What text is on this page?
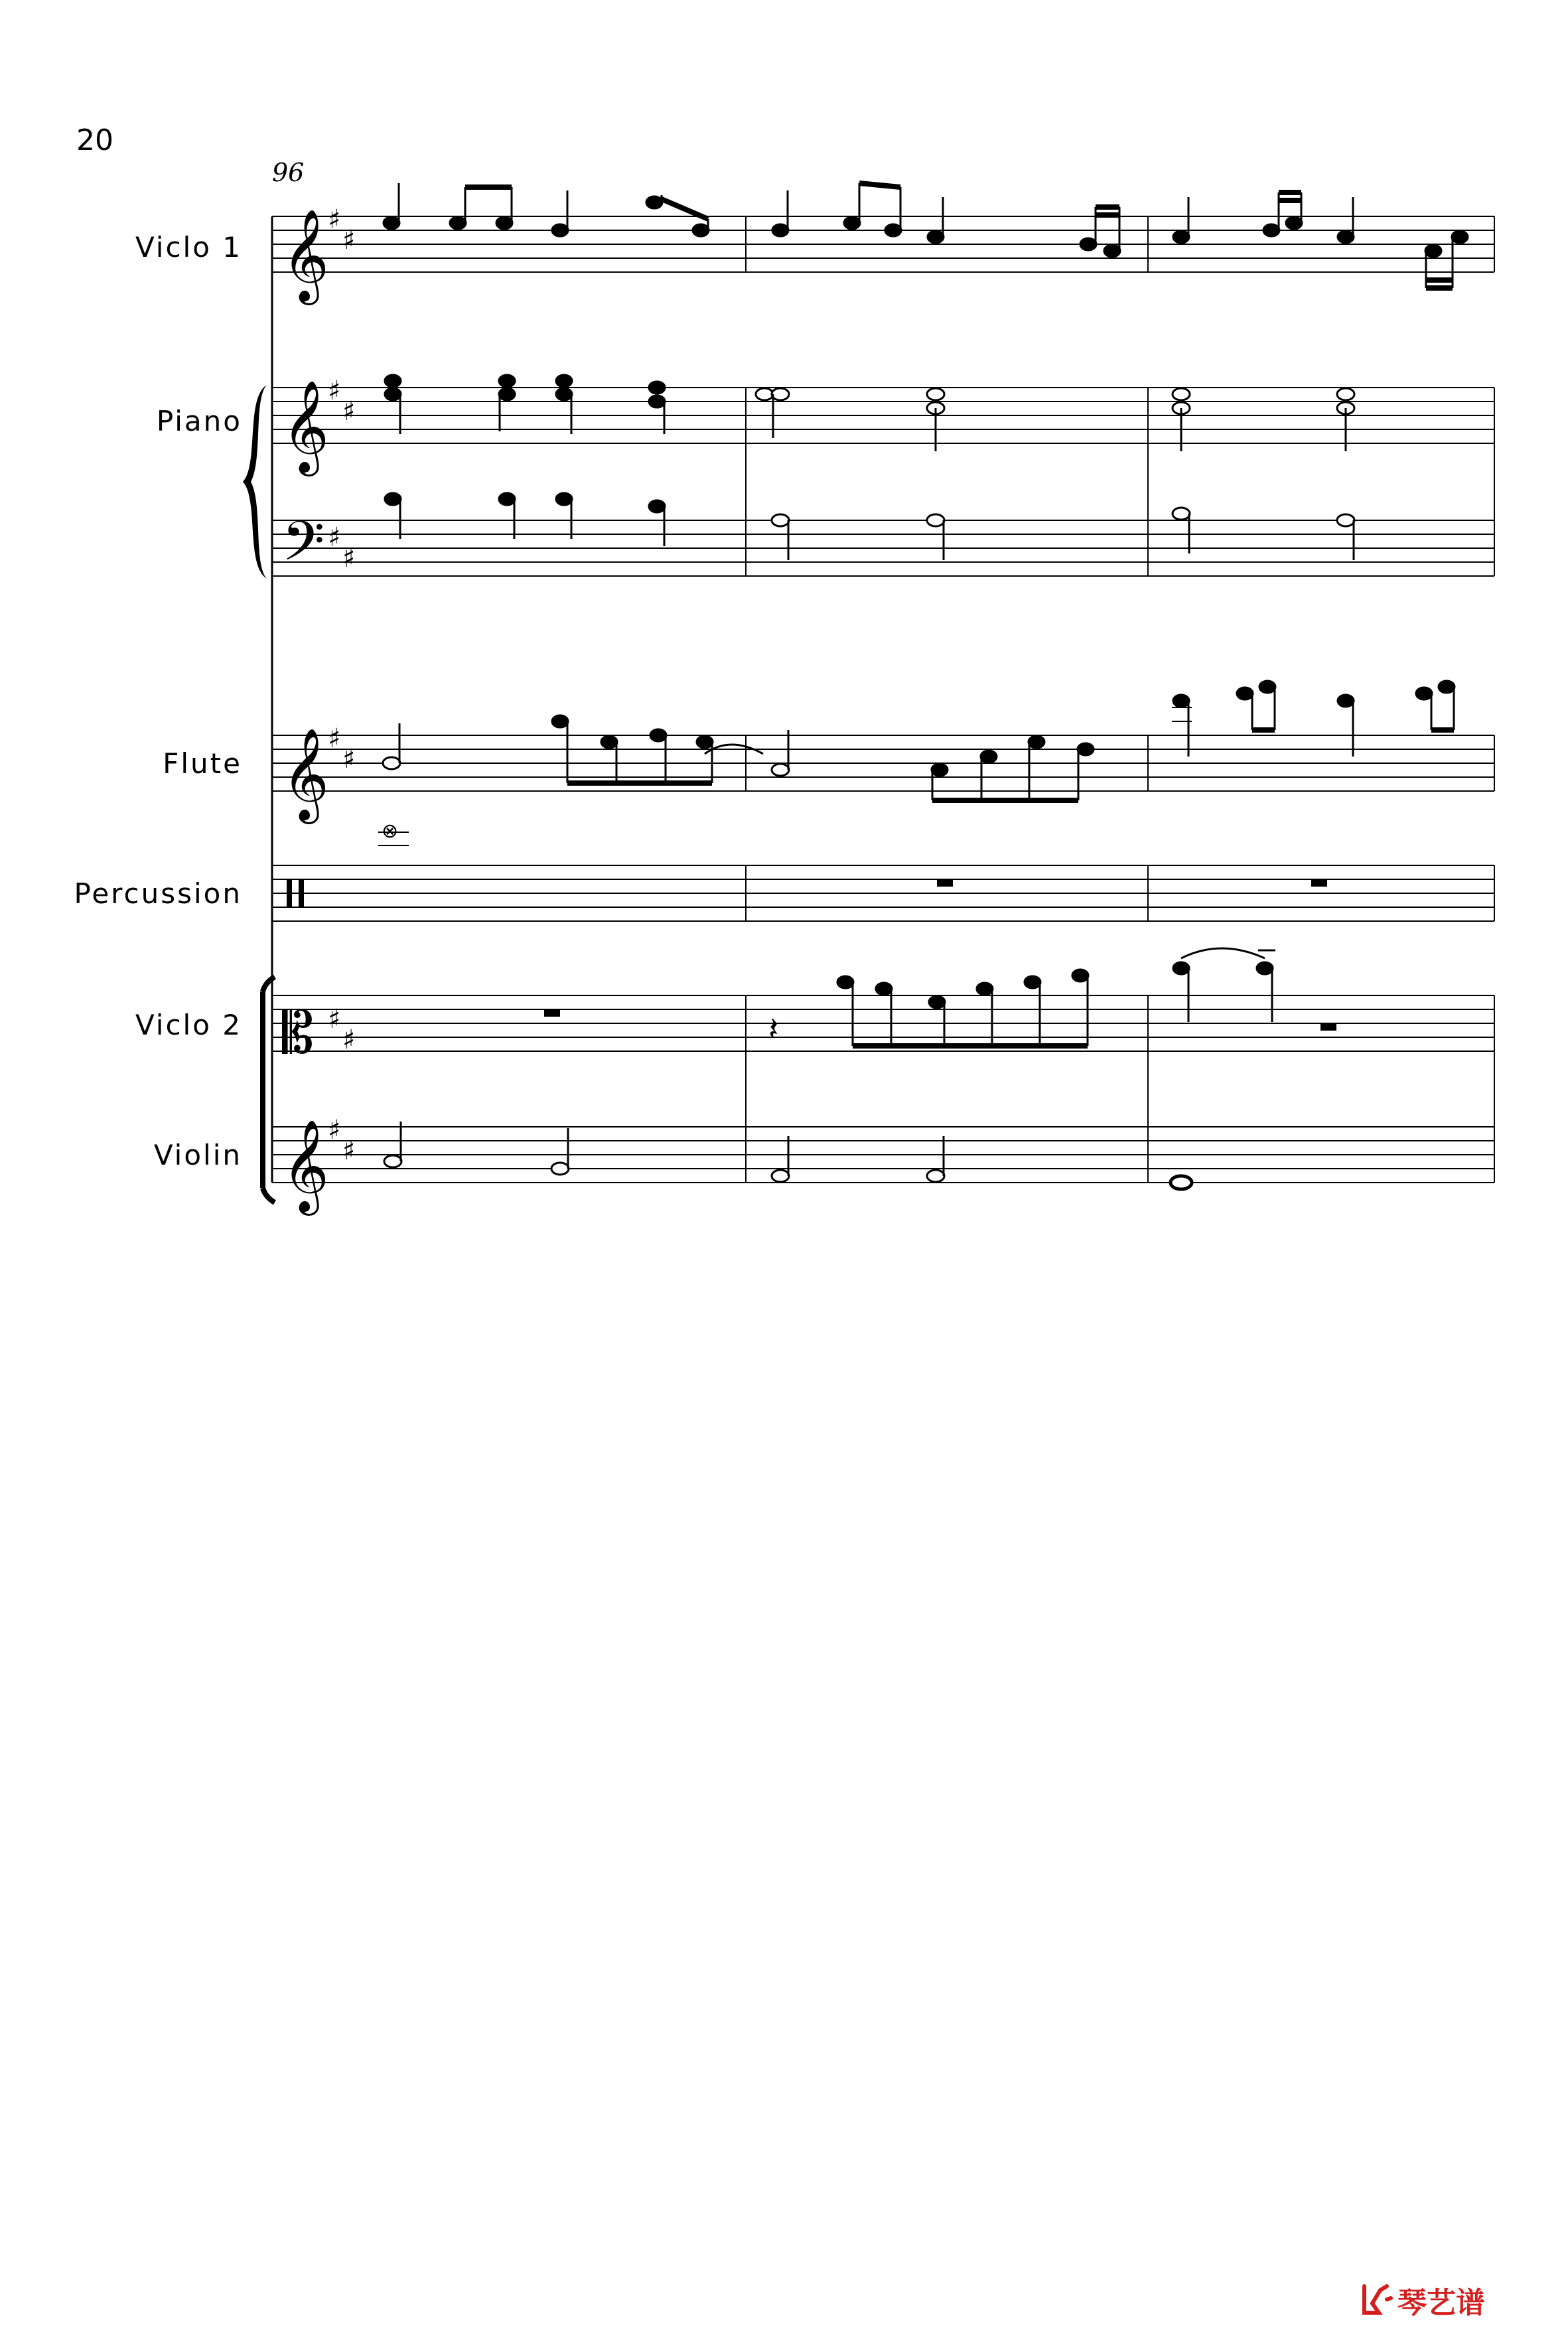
20
96
Viclo 1
Piano
Flute
Percussion
Viclo 2
Violin
𝄞
𝄞
𝄢
𝄞
𝄡
𝄞
♯
♯
♯
♯
♯
♯
♯
♯
♯
♯
♯
♯
⊗
𝄽
琴艺谱
